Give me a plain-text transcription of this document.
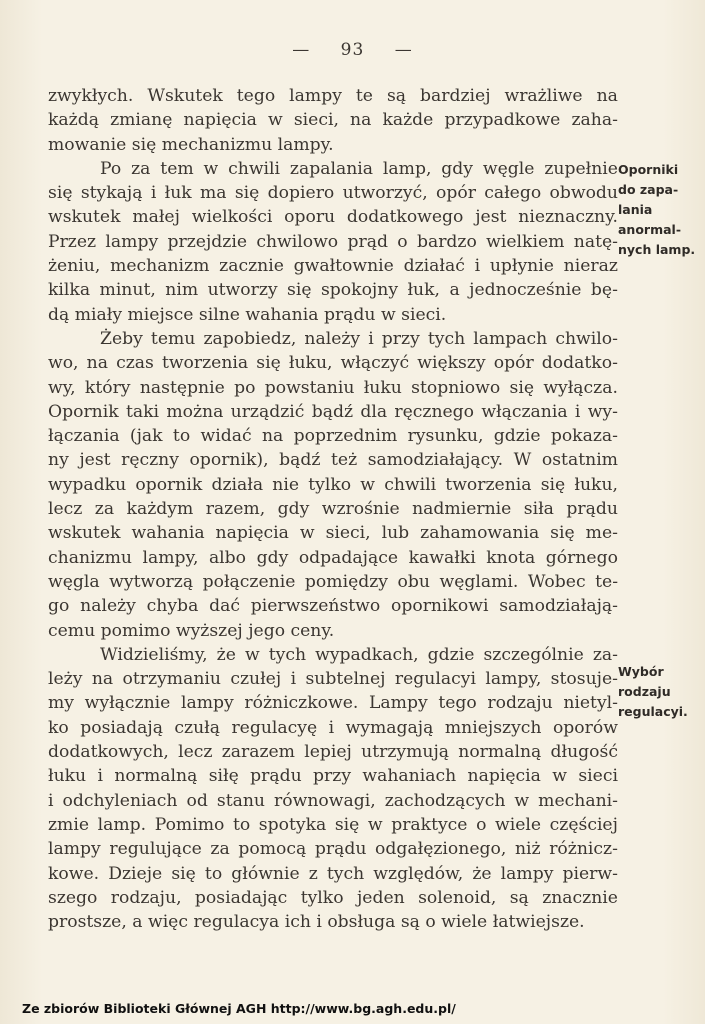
— 93 —
zwykłych. Wskutek tego lampy te są bardziej wrażliwe na
każdą zmianę napięcia w sieci, na każde przypadkowe zaha-
mowanie się mechanizmu lampy.
Po za tem w chwili zapalania lamp, gdy węgle zupełnie
się stykają i łuk ma się dopiero utworzyć, opór całego obwodu
wskutek małej wielkości oporu dodatkowego jest nieznaczny.
Przez lampy przejdzie chwilowo prąd o bardzo wielkiem natę-
żeniu, mechanizm zacznie gwałtownie działać i upłynie nieraz
kilka minut, nim utworzy się spokojny łuk, a jednocześnie bę-
dą miały miejsce silne wahania prądu w sieci.
Żeby temu zapobiedz, należy i przy tych lampach chwilo-
wo, na czas tworzenia się łuku, włączyć większy opór dodatko-
wy, który następnie po powstaniu łuku stopniowo się wyłącza.
Opornik taki można urządzić bądź dla ręcznego włączania i wy-
łączania (jak to widać na poprzednim rysunku, gdzie pokaza-
ny jest ręczny opornik), bądź też samodziałający. W ostatnim
wypadku opornik działa nie tylko w chwili tworzenia się łuku,
lecz za każdym razem, gdy wzrośnie nadmiernie siła prądu
wskutek wahania napięcia w sieci, lub zahamowania się me-
chanizmu lampy, albo gdy odpadające kawałki knota górnego
węgla wytworzą połączenie pomiędzy obu węglami. Wobec te-
go należy chyba dać pierwszeństwo opornikowi samodziałają-
cemu pomimo wyższej jego ceny.
Widzieliśmy, że w tych wypadkach, gdzie szczególnie za-
leży na otrzymaniu czułej i subtelnej regulacyi lampy, stosuje-
my wyłącznie lampy różniczkowe. Lampy tego rodzaju nietyl-
ko posiadają czułą regulacyę i wymagają mniejszych oporów
dodatkowych, lecz zarazem lepiej utrzymują normalną długość
łuku i normalną siłę prądu przy wahaniach napięcia w sieci
i odchyleniach od stanu równowagi, zachodzących w mechani-
zmie lamp. Pomimo to spotyka się w praktyce o wiele częściej
lampy regulujące za pomocą prądu odgałęzionego, niż różnicz-
kowe. Dzieje się to głównie z tych względów, że lampy pierw-
szego rodzaju, posiadając tylko jeden solenoid, są znacznie
prostsze, a więc regulacya ich i obsługa są o wiele łatwiejsze.
Oporniki
do zapa-
lania
anormal-
nych lamp.
Wybór
rodzaju
regulacyi.
Ze zbiorów Biblioteki Głównej AGH http://www.bg.agh.edu.pl/
